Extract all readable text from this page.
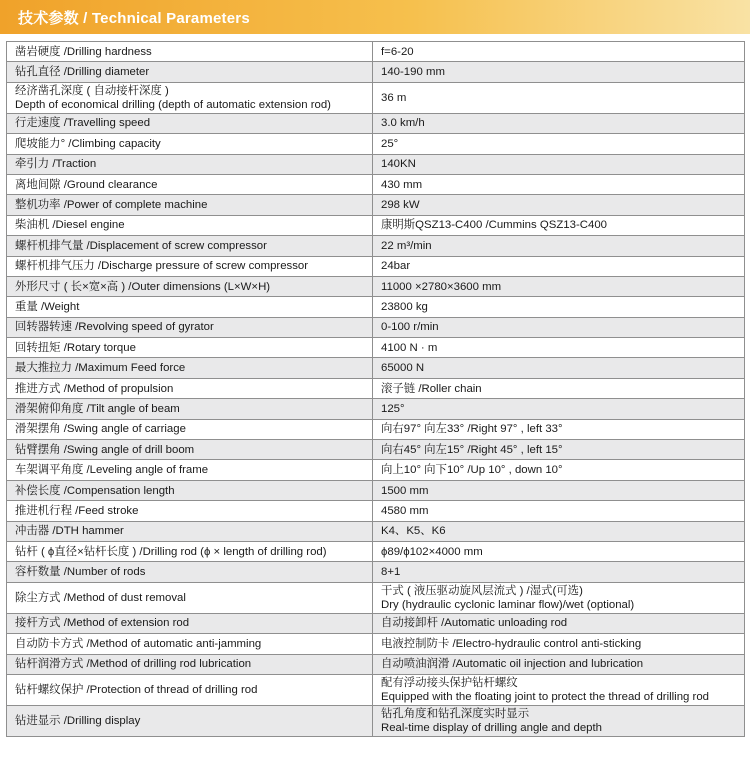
技术参数 / Technical Parameters
凿岩硬度 /Drilling hardness	f=6-20

钻孔直径 /Drilling diameter	140-190 mm

经济凿孔深度 ( 自动接杆深度 )
Depth of economical drilling (depth of automatic extension rod)	36 m

行走速度 /Travelling speed	3.0 km/h

爬坡能力° /Climbing capacity	25°

牵引力 /Traction	140KN

离地间隙 /Ground clearance	430 mm

整机功率 /Power of complete machine	298 kW

柴油机 /Diesel engine	康明斯QSZ13-C400 /Cummins QSZ13-C400

螺杆机排气量 /Displacement of screw compressor	22 m³/min

螺杆机排气压力 /Discharge pressure of screw compressor	24bar

外形尺寸 ( 长×宽×高 ) /Outer dimensions (L×W×H)	11000 ×2780×3600 mm

重量 /Weight	23800 kg

回转器转速 /Revolving speed of gyrator	0-100 r/min

回转扭矩 /Rotary torque	4100 N · m

最大推拉力 /Maximum Feed force	65000 N

推进方式 /Method of propulsion	滚子链 /Roller chain

滑架俯仰角度 /Tilt angle of beam	125°

滑架摆角 /Swing angle of carriage	向右97° 向左33° /Right 97° , left 33°

钻臂摆角 /Swing angle of drill boom	向右45° 向左15° /Right 45° , left 15°

车架调平角度 /Leveling angle of frame	向上10° 向下10° /Up 10° , down 10°

补偿长度 /Compensation length	1500 mm

推进机行程 /Feed stroke	4580 mm

冲击器 /DTH hammer	K4、K5、K6

钻杆 ( ϕ直径×钻杆长度 ) /Drilling rod (ϕ × length of drilling rod)	ϕ89/ϕ102×4000 mm

容杆数量 /Number of rods	8+1

除尘方式 /Method of dust removal	干式 ( 液压驱动旋风层流式 ) /湿式(可选)
Dry (hydraulic cyclonic laminar flow)/wet (optional)

接杆方式 /Method of extension rod	自动接卸杆 /Automatic unloading rod

自动防卡方式 /Method of automatic anti-jamming	电液控制防卡 /Electro-hydraulic control anti-sticking

钻杆润滑方式 /Method of drilling rod lubrication	自动喷油润滑 /Automatic oil injection and lubrication

钻杆螺纹保护 /Protection of thread of drilling rod	配有浮动接头保护钻杆螺纹
Equipped with the floating joint to protect the thread of drilling rod

钻进显示 /Drilling display	钻孔角度和钻孔深度实时显示
Real-time display of drilling angle and depth
